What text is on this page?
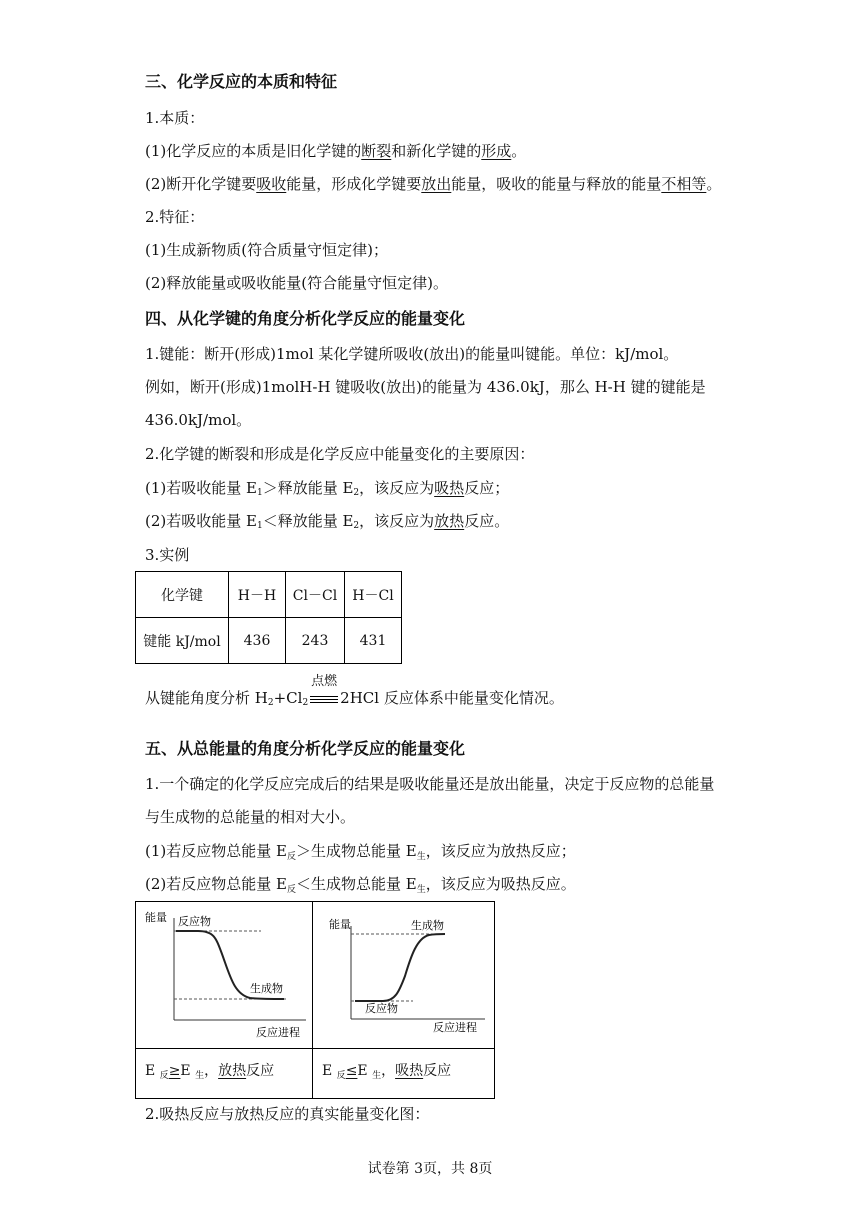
三、化学反应的本质和特征
1.本质：
(1)化学反应的本质是旧化学键的断裂和新化学键的形成。
(2)断开化学键要吸收能量，形成化学键要放出能量，吸收的能量与释放的能量不相等。
2.特征：
(1)生成新物质(符合质量守恒定律)；
(2)释放能量或吸收能量(符合能量守恒定律)。
四、从化学键的角度分析化学反应的能量变化
1.键能：断开(形成)1mol 某化学键所吸收(放出)的能量叫键能。单位：kJ/mol。
例如，断开(形成)1molH-H 键吸收(放出)的能量为 436.0kJ，那么 H-H 键的键能是
436.0kJ/mol。
2.化学键的断裂和形成是化学反应中能量变化的主要原因：
(1)若吸收能量 $E_1>$释放能量 $E_2$，该反应为吸热反应；
(2)若吸收能量 $E_1<$释放能量 $E_2$，该反应为放热反应。
3.实例
化学键	H－H	Cl－Cl	H－Cl
键能 kJ/mol	436	243	431
从键能角度分析 $H_2+Cl_2$
点燃
2HCl 反应体系中能量变化情况。
五、从总能量的角度分析化学反应的能量变化
1.一个确定的化学反应完成后的结果是吸收能量还是放出能量，决定于反应物的总能量
与生成物的总能量的相对大小。
(1)若反应物总能量 $E_反>$生成物总能量 $E_生$，该反应为放热反应；
(2)若反应物总能量 $E_反<$生成物总能量 $E_生$，该反应为吸热反应。
能量 反应物
生成物
反应进程	能量 生成物
反应物
反应进程

E $_反$≥E $_生$，放热反应	E $_反$≤E $_生$，吸热反应
2.吸热反应与放热反应的真实能量变化图：
试卷第 3页，共 8页
